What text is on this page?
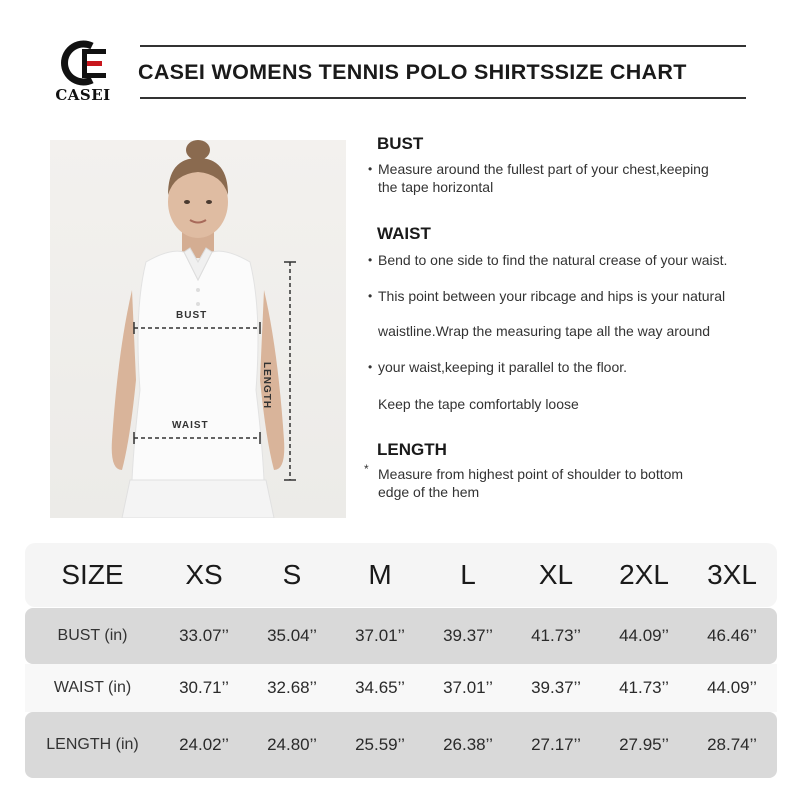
CASEI
CASEI WOMENS TENNIS POLO SHIRTSSIZE CHART
BUST
WAIST
LENGTH
BUST
• Measure around the fullest part of your chest,keeping
the tape horizontal
WAIST
• Bend to one side to find the natural crease of your waist.
• This point between your ribcage and hips is your natural
waistline.Wrap the measuring tape all the way around
• your waist,keeping it parallel to the floor.
Keep the tape comfortably loose
LENGTH
* Measure from highest point of shoulder to bottom
edge of the hem
SIZE	XS	S	M	L	XL	2XL	3XL
BUST (in)	33.07’’	35.04’’	37.01’’	39.37’’	41.73’’	44.09’’	46.46’’
WAIST (in)	30.71’’	32.68’’	34.65’’	37.01’’	39.37’’	41.73’’	44.09’’
LENGTH (in)	24.02’’	24.80’’	25.59’’	26.38’’	27.17’’	27.95’’	28.74’’
